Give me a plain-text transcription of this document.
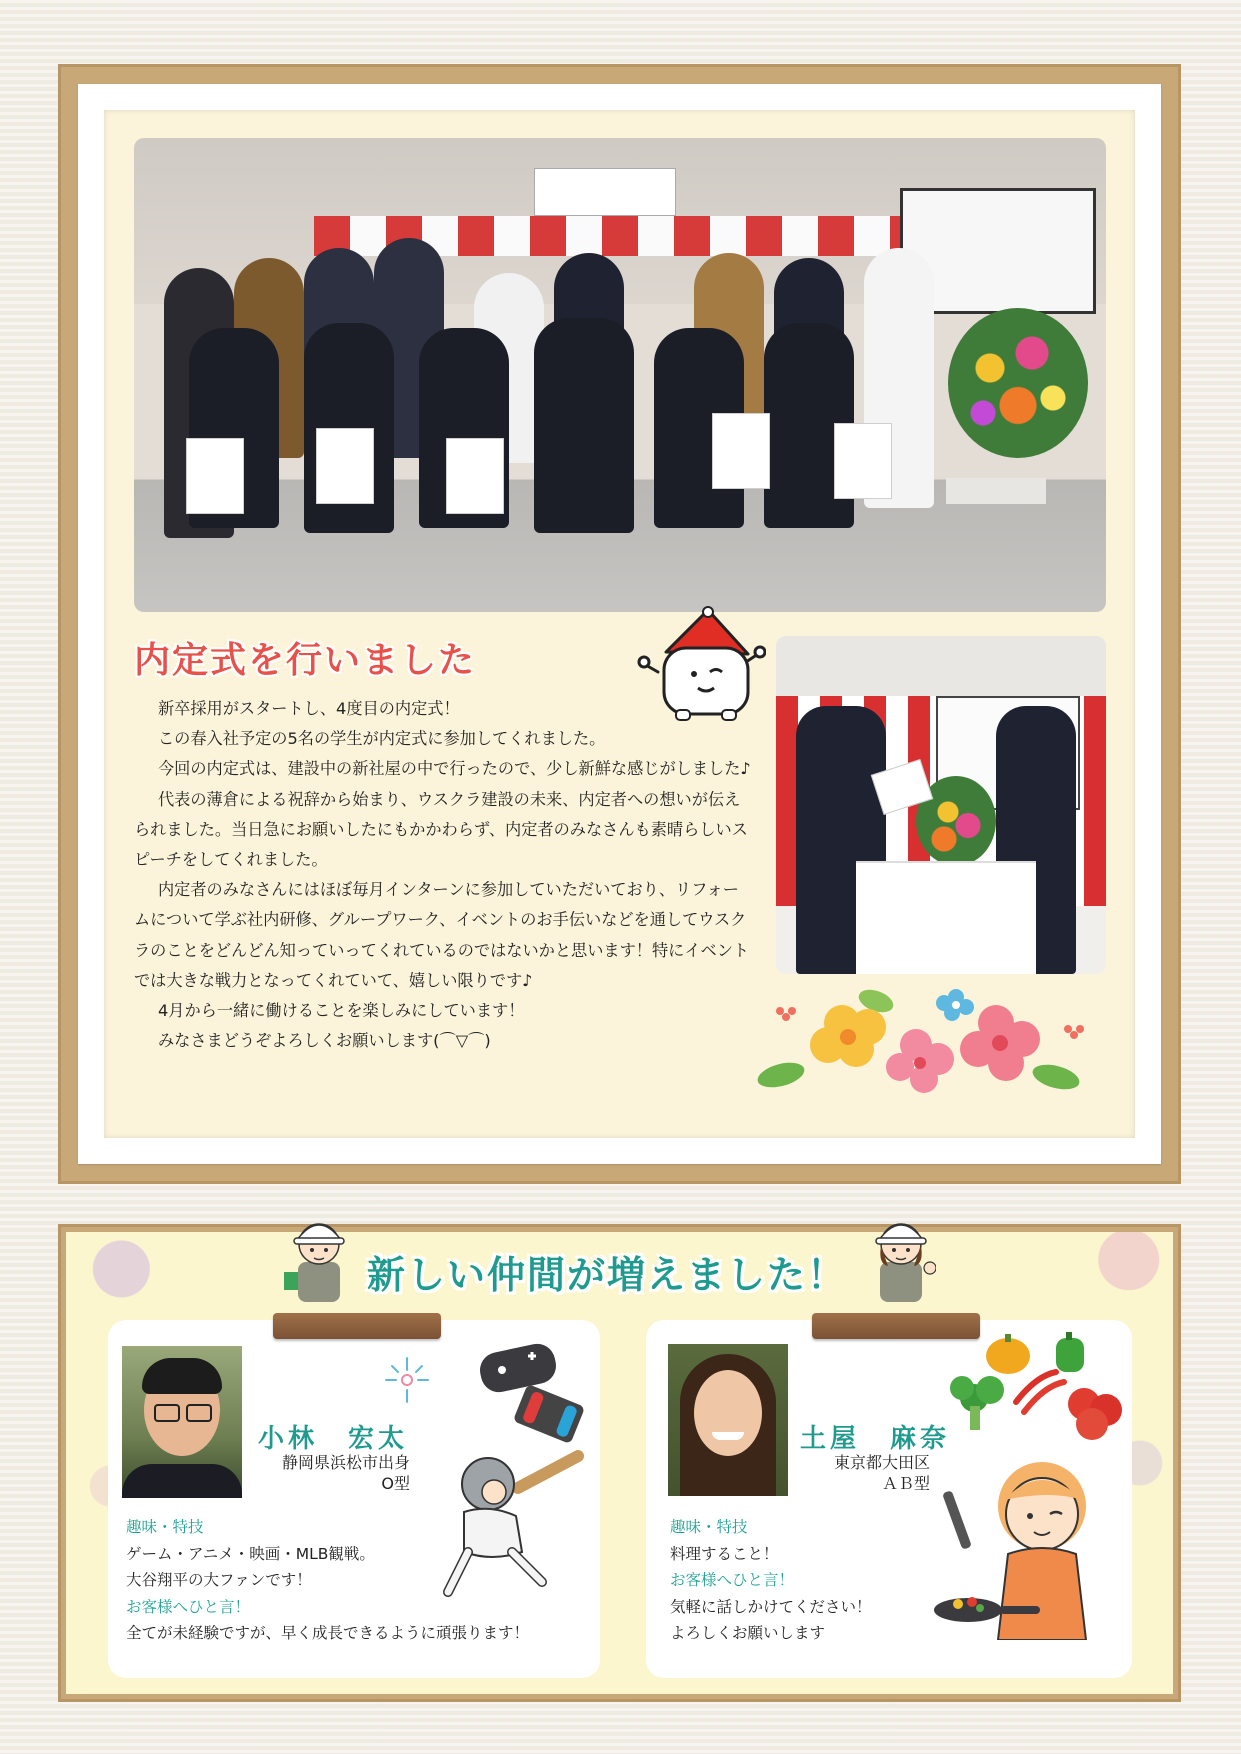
内定式を行いました

新卒採用がスタートし、4度目の内定式！

この春入社予定の5名の学生が内定式に参加してくれました。

今回の内定式は、建設中の新社屋の中で行ったので、少し新鮮な感じがしました♪

代表の薄倉による祝辞から始まり、ウスクラ建設の未来、内定者への想いが伝えられました。当日急にお願いしたにもかかわらず、内定者のみなさんも素晴らしいスピーチをしてくれました。

内定者のみなさんにはほぼ毎月インターンに参加していただいており、リフォームについて学ぶ社内研修、グループワーク、イベントのお手伝いなどを通してウスクラのことをどんどん知っていってくれているのではないかと思います！特にイベントでは大きな戦力となってくれていて、嬉しい限りです♪

4月から一緒に働けることを楽しみにしています！

みなさまどうぞよろしくお願いします(⌒▽⌒)

新しい仲間が増えました！
小林　宏太
静岡県浜松市出身
O型
趣味・特技
ゲーム・アニメ・映画・MLB観戦。
大谷翔平の大ファンです！
お客様へひと言！
全てが未経験ですが、早く成長できるように頑張ります！
土屋　麻奈
東京都大田区
ＡＢ型
趣味・特技
料理すること！
お客様へひと言！
気軽に話しかけてください！
よろしくお願いします
